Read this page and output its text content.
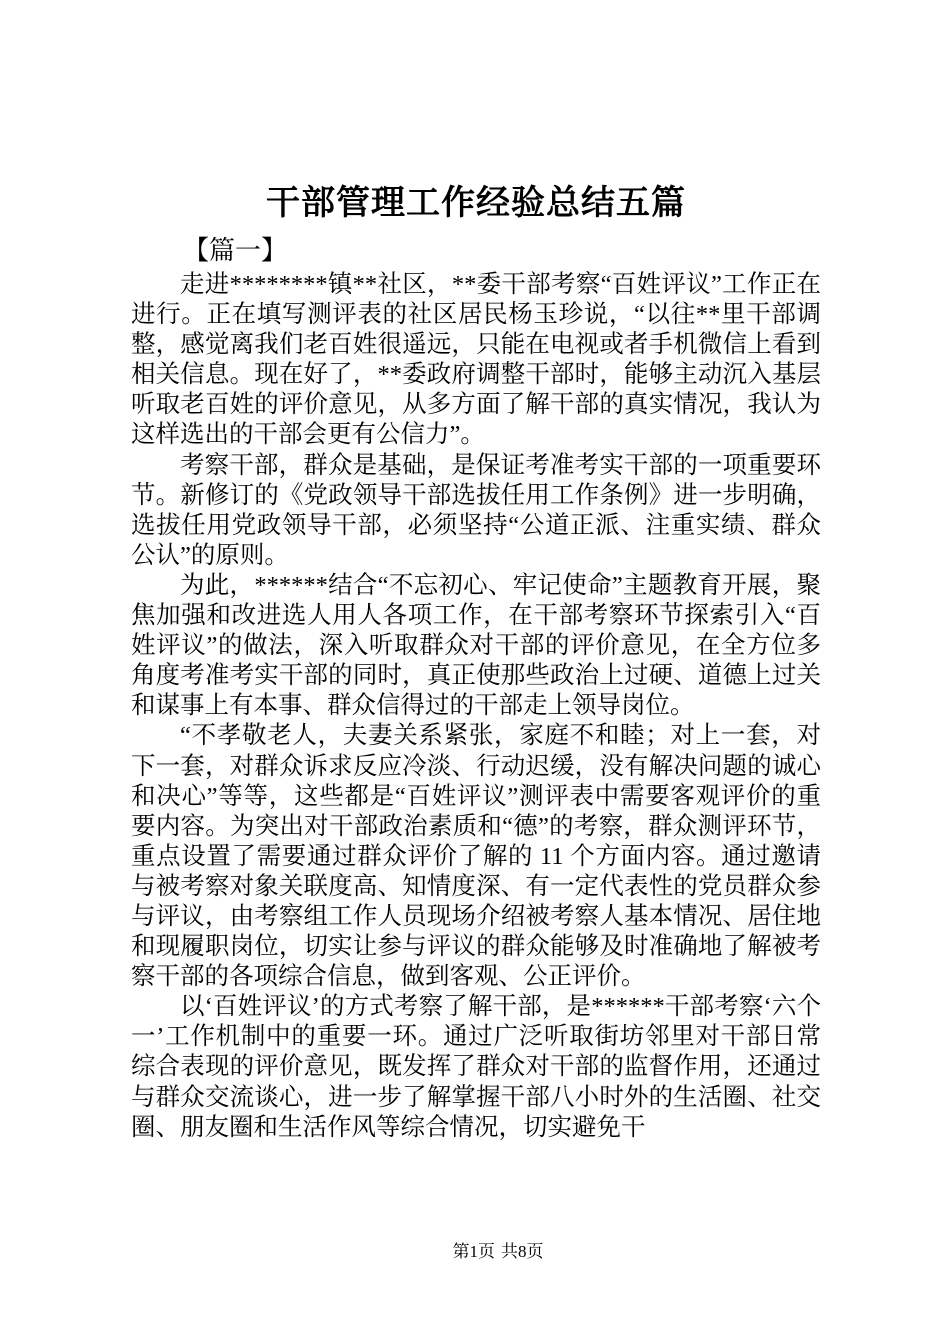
干部管理工作经验总结五篇
【篇一】

走进********镇**社区，**委干部考察“百姓评议”工作正在进行。正在填写测评表的社区居民杨玉珍说，“以往**里干部调整，感觉离我们老百姓很遥远，只能在电视或者手机微信上看到相关信息。现在好了，**委政府调整干部时，能够主动沉入基层听取老百姓的评价意见，从多方面了解干部的真实情况，我认为这样选出的干部会更有公信力”。

考察干部，群众是基础，是保证考准考实干部的一项重要环节。新修订的《党政领导干部选拔任用工作条例》进一步明确，选拔任用党政领导干部，必须坚持“公道正派、注重实绩、群众公认”的原则。

为此，******结合“不忘初心、牢记使命”主题教育开展，聚焦加强和改进选人用人各项工作，在干部考察环节探索引入“百姓评议”的做法，深入听取群众对干部的评价意见，在全方位多角度考准考实干部的同时，真正使那些政治上过硬、道德上过关和谋事上有本事、群众信得过的干部走上领导岗位。

“不孝敬老人，夫妻关系紧张，家庭不和睦；对上一套，对下一套，对群众诉求反应冷淡、行动迟缓，没有解决问题的诚心和决心”等等，这些都是“百姓评议”测评表中需要客观评价的重要内容。为突出对干部政治素质和“德”的考察，群众测评环节，重点设置了需要通过群众评价了解的 11 个方面内容。通过邀请与被考察对象关联度高、知情度深、有一定代表性的党员群众参与评议，由考察组工作人员现场介绍被考察人基本情况、居住地和现履职岗位，切实让参与评议的群众能够及时准确地了解被考察干部的各项综合信息，做到客观、公正评价。

以‘百姓评议’的方式考察了解干部，是******干部考察‘六个一’工作机制中的重要一环。通过广泛听取街坊邻里对干部日常综合表现的评价意见，既发挥了群众对干部的监督作用，还通过与群众交流谈心，进一步了解掌握干部八小时外的生活圈、社交圈、朋友圈和生活作风等综合情况，切实避免干

第1页 共8页
